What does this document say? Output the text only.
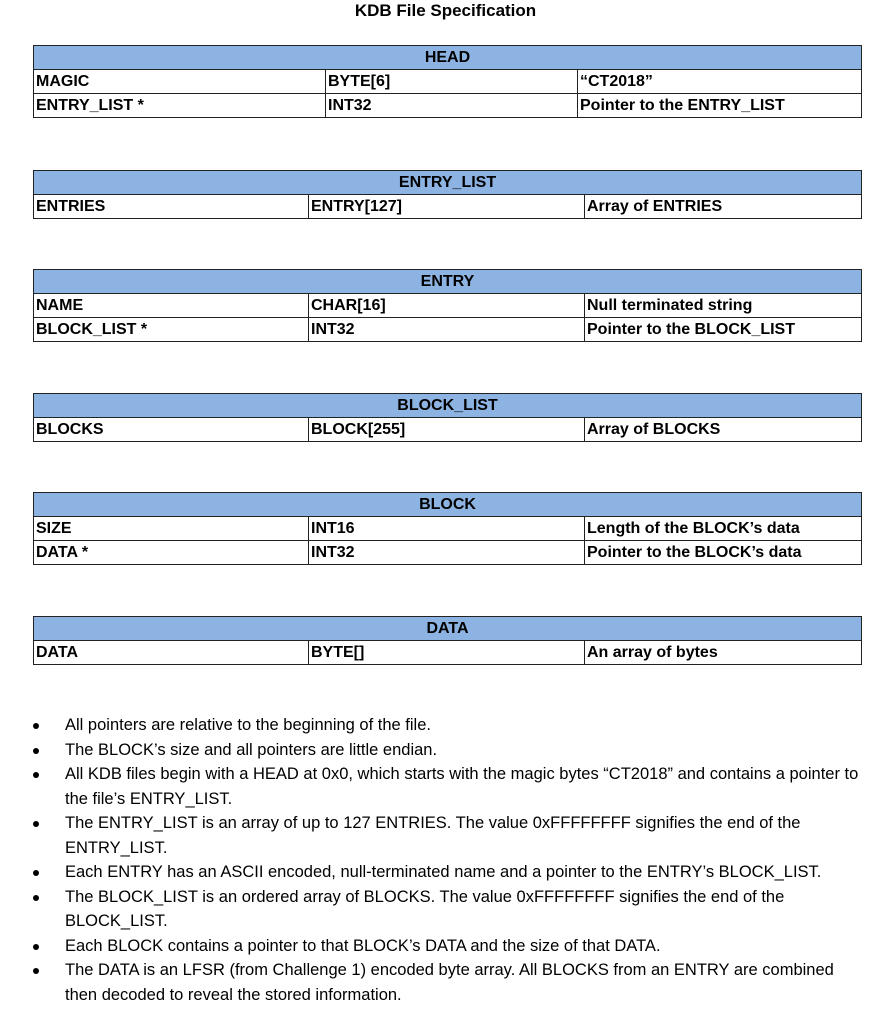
KDB File Specification
HEAD		
MAGIC	BYTE[6]	“CT2018”
ENTRY_LIST *	INT32	Pointer to the ENTRY_LIST
ENTRY_LIST
ENTRIES	ENTRY[127]	Array of ENTRIES
ENTRY		
NAME	CHAR[16]	Null terminated string
BLOCK_LIST *	INT32	Pointer to the BLOCK_LIST
BLOCK_LIST
BLOCKS	BLOCK[255]	Array of BLOCKS
BLOCK		
SIZE	INT16	Length of the BLOCK’s data
DATA *	INT32	Pointer to the BLOCK’s data
DATA
DATA	BYTE[]	An array of bytes
All pointers are relative to the beginning of the file.
The BLOCK’s size and all pointers are little endian.
All KDB files begin with a HEAD at 0x0, which starts with the magic bytes “CT2018” and contains a pointer to the file’s ENTRY_LIST.
The ENTRY_LIST is an array of up to 127 ENTRIES. The value 0xFFFFFFFF signifies the end of the ENTRY_LIST.
Each ENTRY has an ASCII encoded, null-terminated name and a pointer to the ENTRY’s BLOCK_LIST.
The BLOCK_LIST is an ordered array of BLOCKS. The value 0xFFFFFFFF signifies the end of the BLOCK_LIST.
Each BLOCK contains a pointer to that BLOCK’s DATA and the size of that DATA.
The DATA is an LFSR (from Challenge 1) encoded byte array. All BLOCKS from an ENTRY are combined then decoded to reveal the stored information.
